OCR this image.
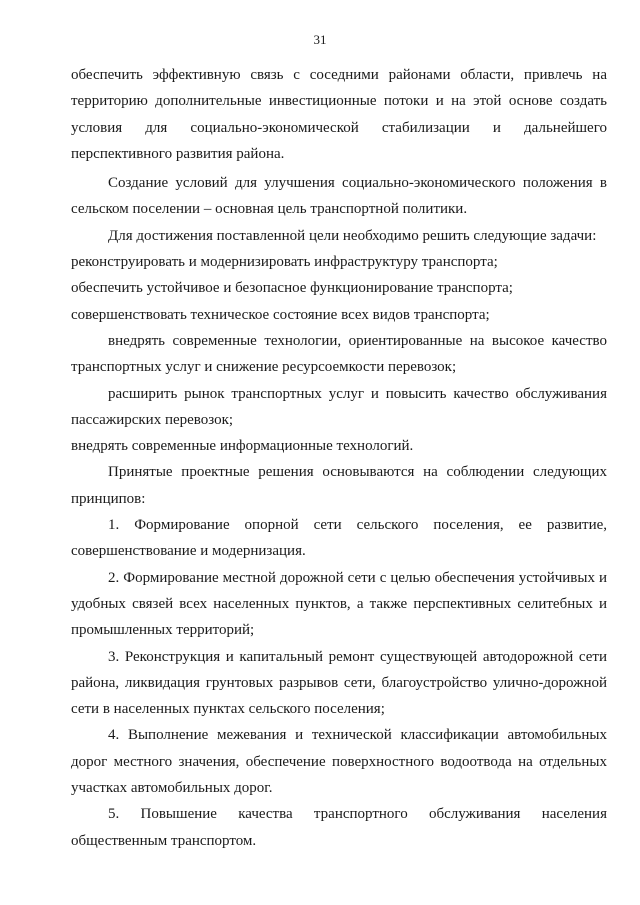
31

обеспечить эффективную связь с соседними районами области, привлечь на территорию дополнительные инвестиционные потоки и на этой основе создать условия для социально-экономической стабилизации и дальнейшего перспективного развития района.

Создание условий для улучшения социально-экономического положения в сельском поселении – основная цель транспортной политики.

Для достижения поставленной цели необходимо решить следующие задачи:

реконструировать и модернизировать инфраструктуру транспорта;

обеспечить устойчивое и безопасное функционирование транспорта;

совершенствовать техническое состояние всех видов транспорта;

внедрять современные технологии, ориентированные на высокое качество транспортных услуг и снижение ресурсоемкости перевозок;

расширить рынок транспортных услуг и повысить качество обслуживания пассажирских перевозок;

внедрять современные информационные технологий.

Принятые проектные решения основываются на соблюдении следующих принципов:

1. Формирование опорной сети сельского поселения, ее развитие, совершенствование и модернизация.

2. Формирование местной дорожной сети с целью обеспечения устойчивых и удобных связей всех населенных пунктов, а также перспективных селитебных и промышленных территорий;

3. Реконструкция и капитальный ремонт существующей автодорожной сети района, ликвидация грунтовых разрывов сети, благоустройство улично-дорожной сети в населенных пунктах сельского поселения;

4. Выполнение межевания и технической классификации автомобильных дорог местного значения, обеспечение поверхностного водоотвода на отдельных участках автомобильных дорог.

5. Повышение качества транспортного обслуживания населения общественным транспортом.
